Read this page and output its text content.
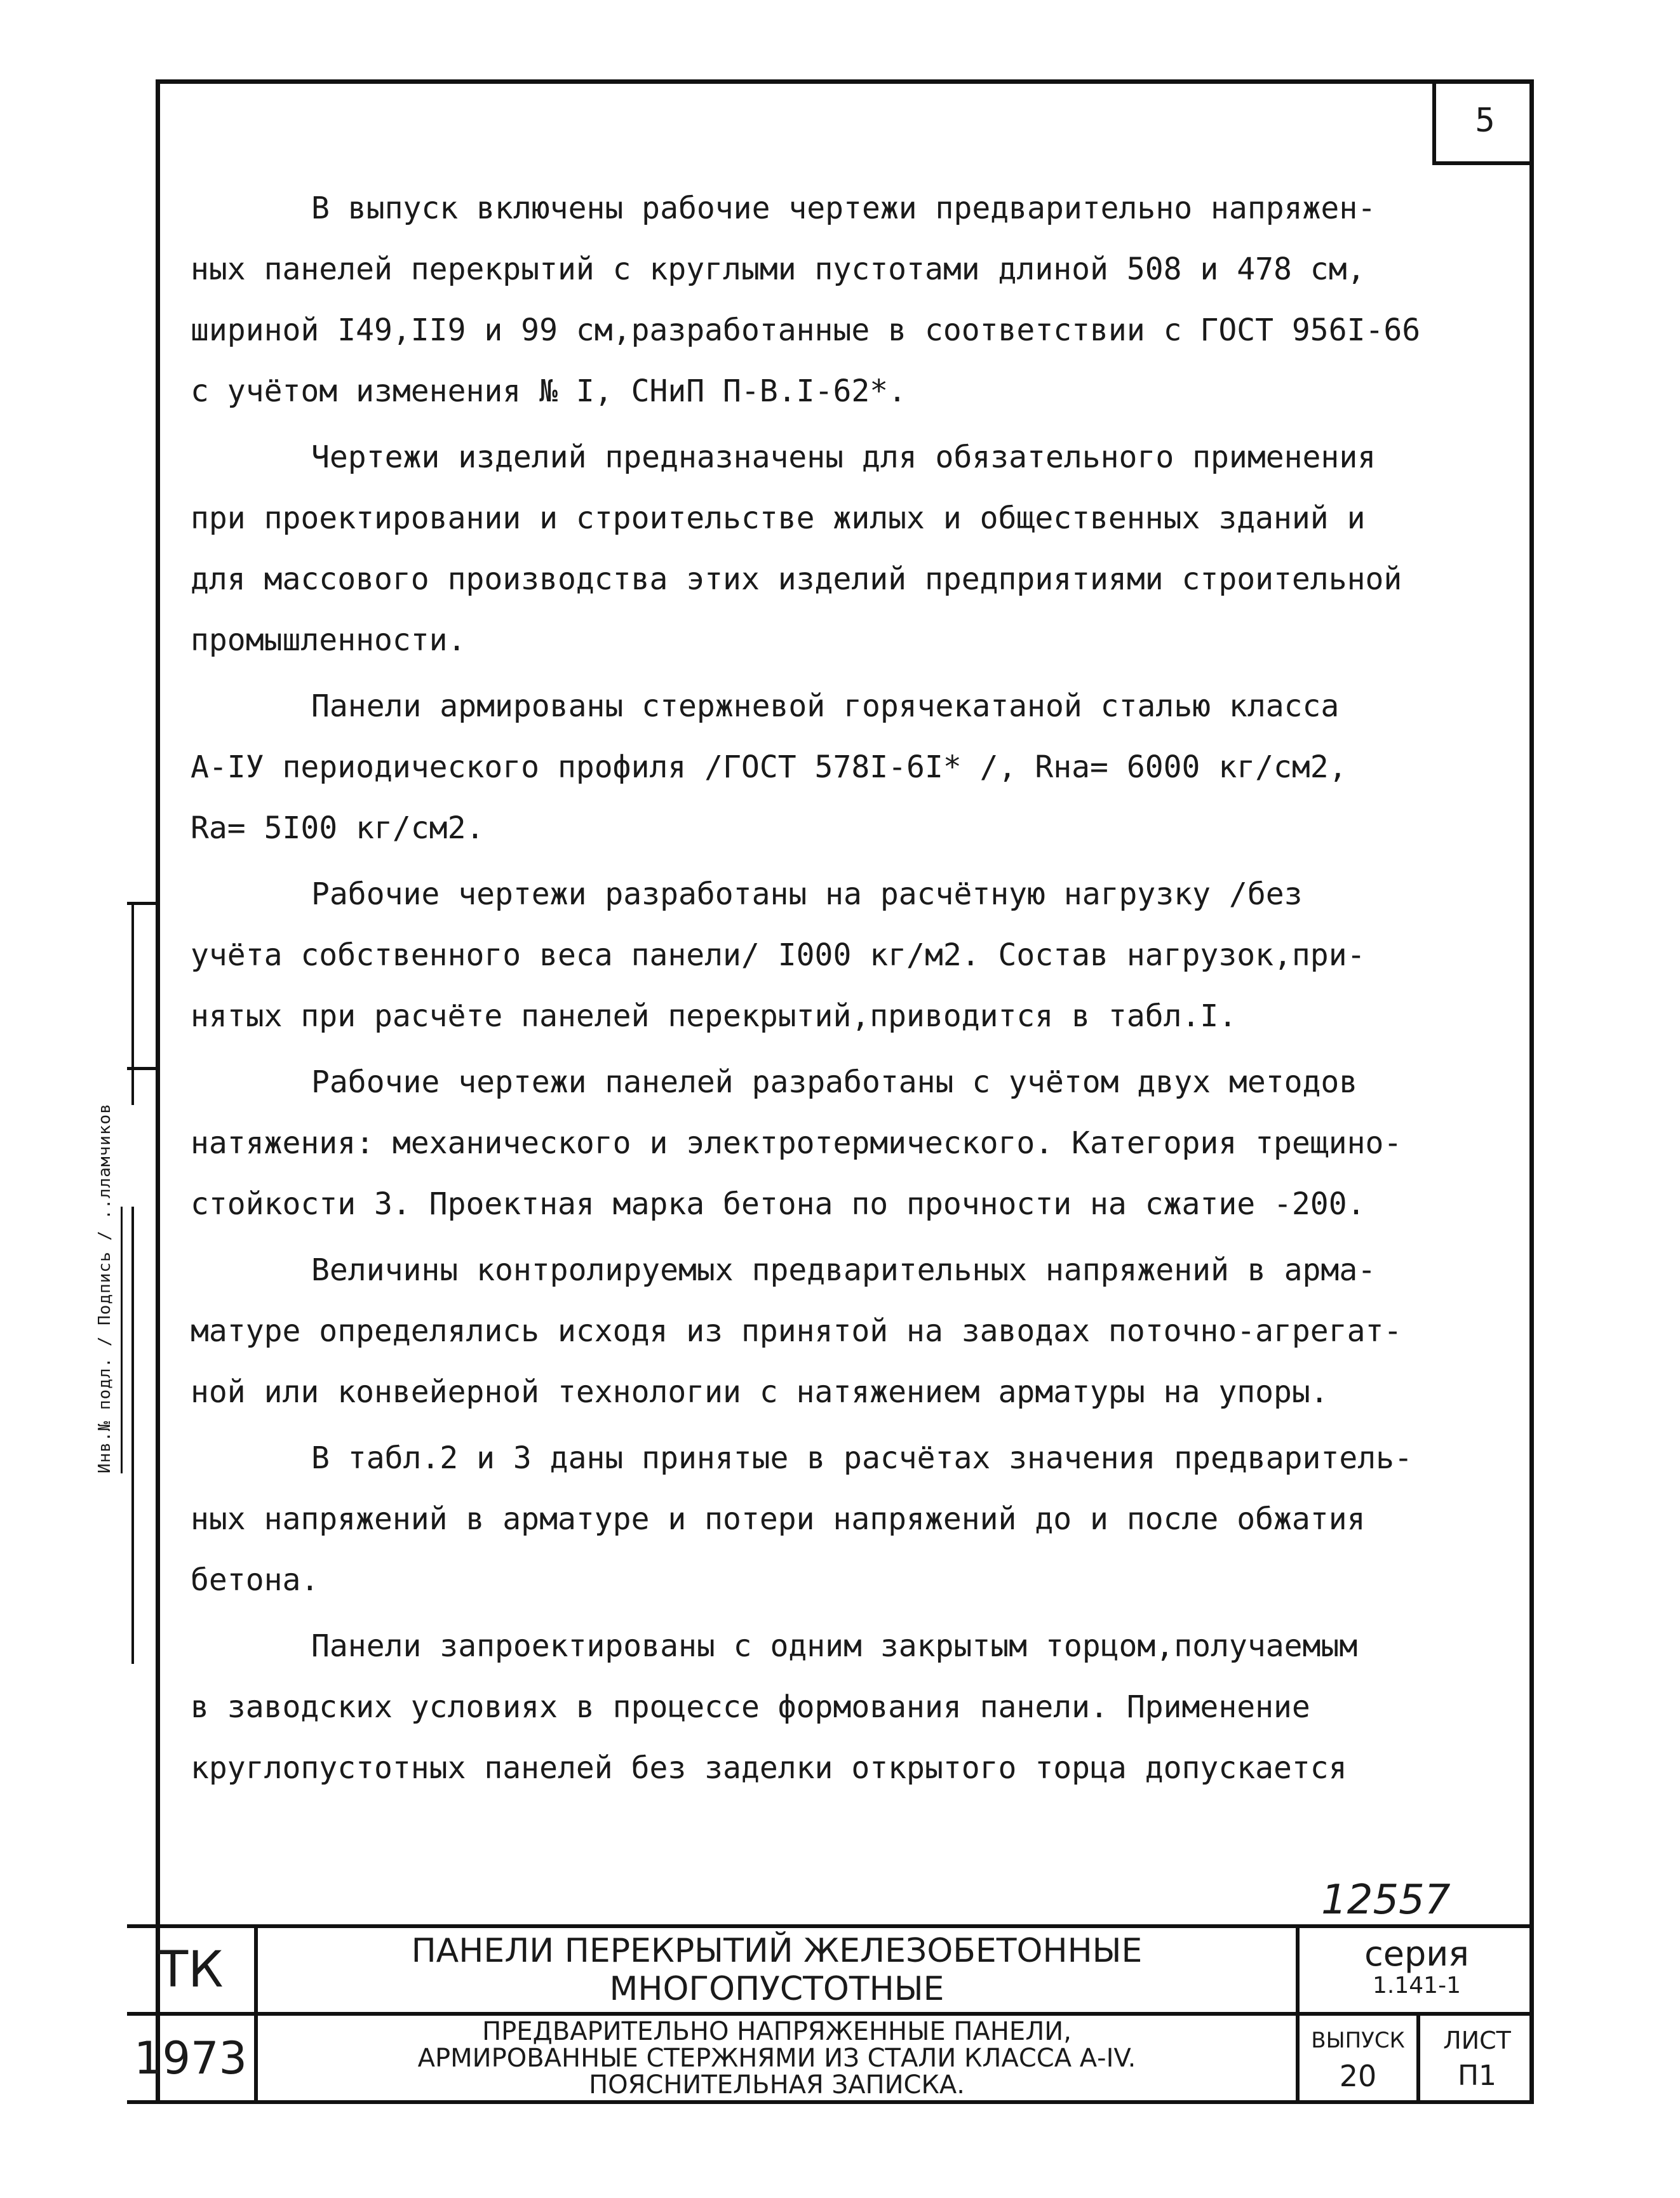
5
Инв.№ подл. / Подпись / ..лламчиков

В выпуск включены рабочие чертежи предварительно напряжен-
ных панелей перекрытий с круглыми пустотами длиной 508 и 478 см,
шириной I49,II9 и 99 см,разработанные в соответствии с ГОСТ 956I-66
с учётом изменения № I, СНиП П-В.I-62*.

Чертежи изделий предназначены для обязательного применения
при проектировании и строительстве жилых и общественных зданий и
для массового производства этих изделий предприятиями строительной
промышленности.

Панели армированы стержневой горячекатаной сталью класса
А-IУ периодического профиля /ГОСТ 578I-6I* /, Rнa= 6000 кг/см2,
Ra= 5I00 кг/см2.

Рабочие чертежи разработаны на расчётную нагрузку /без
учёта собственного веса панели/ I000 кг/м2. Состав нагрузок,при-
нятых при расчёте панелей перекрытий,приводится в табл.I.

Рабочие чертежи панелей разработаны с учётом двух методов
натяжения: механического и электротермического. Категория трещино-
стойкости 3. Проектная марка бетона по прочности на сжатие -200.

Величины контролируемых предварительных напряжений в арма-
матуре определялись исходя из принятой на заводах поточно-агрегат-
ной или конвейерной технологии с натяжением арматуры на упоры.

В табл.2 и 3 даны принятые в расчётах значения предваритель-
ных напряжений в арматуре и потери напряжений до и после обжатия
бетона.

Панели запроектированы с одним закрытым торцом,получаемым
в заводских условиях в процессе формования панели. Применение
круглопустотных панелей без заделки открытого торца допускается

12557
ТК	ПАНЕЛИ ПЕРЕКРЫТИЙ ЖЕЛЕЗОБЕТОННЫЕ МНОГОПУСТОТНЫЕ
серия
1.141-1
1973
ПРЕДВАРИТЕЛЬНО НАПРЯЖЕННЫЕ ПАНЕЛИ,
АРМИРОВАННЫЕ СТЕРЖНЯМИ ИЗ СТАЛИ КЛАССА А-IV.
ПОЯСНИТЕЛЬНАЯ ЗАПИСКА.
ВЫПУСК
20
ЛИСТ
П1
